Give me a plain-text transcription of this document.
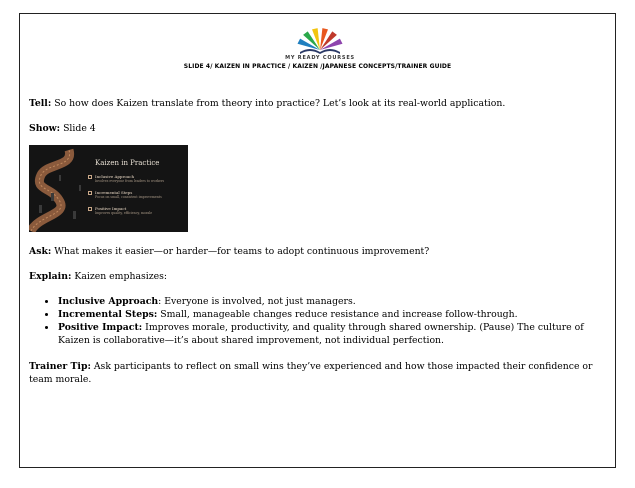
MY READY COURSES
SLIDE 4/ KAIZEN IN PRACTICE / KAIZEN /JAPANESE CONCEPTS/TRAINER GUIDE
Tell: So how does Kaizen translate from theory into practice? Let’s look at its real-world application.
Show: Slide 4
Kaizen in Practice
Inclusive Approach
Involves everyone from leaders to workers
Incremental Steps
Focus on small, consistent improvements
Positive Impact
Improves quality, efficiency, morale
Ask: What makes it easier—or harder—for teams to adopt continuous improvement?
Explain: Kaizen emphasizes:
Inclusive Approach: Everyone is involved, not just managers.
Incremental Steps: Small, manageable changes reduce resistance and increase follow-through.
Positive Impact: Improves morale, productivity, and quality through shared ownership. (Pause) The culture of Kaizen is collaborative—it’s about shared improvement, not individual perfection.
Trainer Tip: Ask participants to reflect on small wins they’ve experienced and how those impacted their confidence or team morale.
